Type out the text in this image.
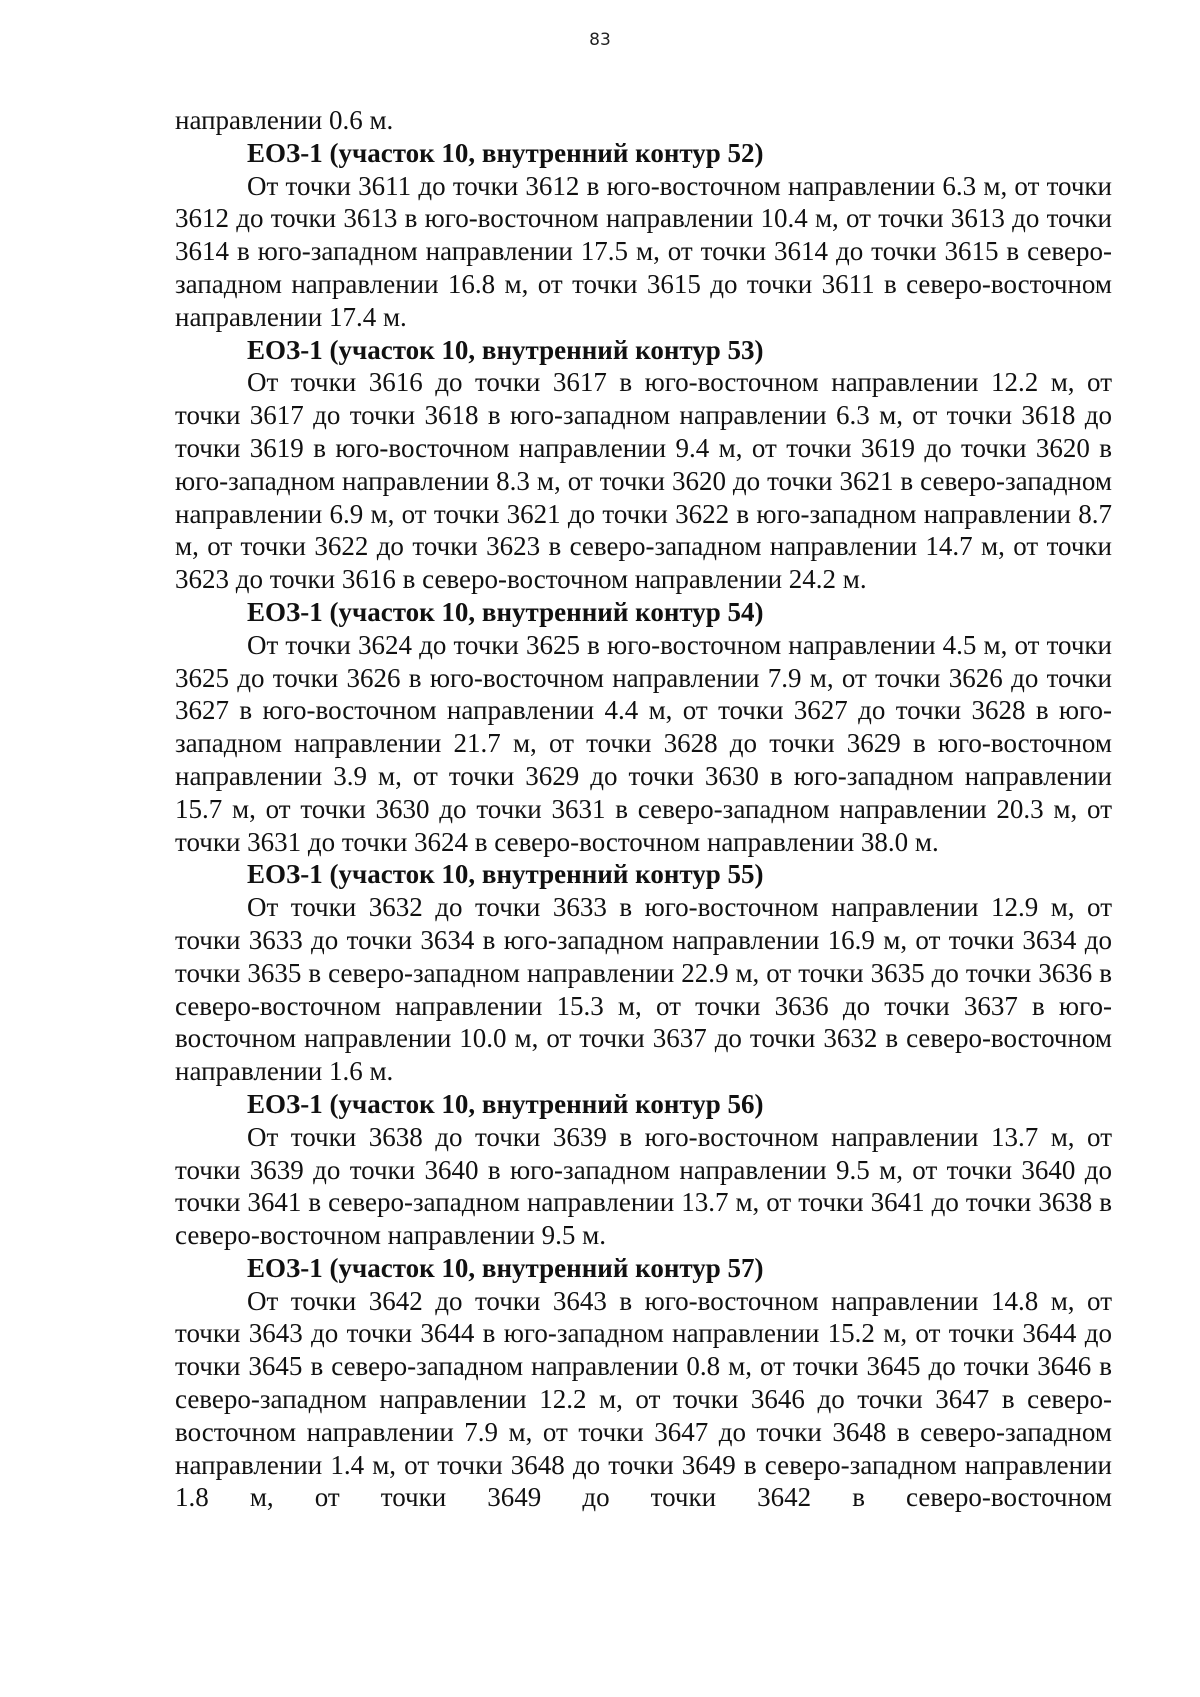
83

направлении 0.6 м.

ЕОЗ-1 (участок 10, внутренний контур 52)

От точки 3611 до точки 3612 в юго-восточном направлении 6.3 м, от точки 3612 до точки 3613 в юго-восточном направлении 10.4 м, от точки 3613 до точки 3614 в юго-западном направлении 17.5 м, от точки 3614 до точки 3615 в северо-западном направлении 16.8 м, от точки 3615 до точки 3611 в северо-восточном направлении 17.4 м.

ЕОЗ-1 (участок 10, внутренний контур 53)

От точки 3616 до точки 3617 в юго-восточном направлении 12.2 м, от точки 3617 до точки 3618 в юго-западном направлении 6.3 м, от точки 3618 до точки 3619 в юго-восточном направлении 9.4 м, от точки 3619 до точки 3620 в юго-западном направлении 8.3 м, от точки 3620 до точки 3621 в северо-западном направлении 6.9 м, от точки 3621 до точки 3622 в юго-западном направлении 8.7 м, от точки 3622 до точки 3623 в северо-западном направлении 14.7 м, от точки 3623 до точки 3616 в северо-восточном направлении 24.2 м.

ЕОЗ-1 (участок 10, внутренний контур 54)

От точки 3624 до точки 3625 в юго-восточном направлении 4.5 м, от точки 3625 до точки 3626 в юго-восточном направлении 7.9 м, от точки 3626 до точки 3627 в юго-восточном направлении 4.4 м, от точки 3627 до точки 3628 в юго-западном направлении 21.7 м, от точки 3628 до точки 3629 в юго-восточном направлении 3.9 м, от точки 3629 до точки 3630 в юго-западном направлении 15.7 м, от точки 3630 до точки 3631 в северо-западном направлении 20.3 м, от точки 3631 до точки 3624 в северо-восточном направлении 38.0 м.

ЕОЗ-1 (участок 10, внутренний контур 55)

От точки 3632 до точки 3633 в юго-восточном направлении 12.9 м, от точки 3633 до точки 3634 в юго-западном направлении 16.9 м, от точки 3634 до точки 3635 в северо-западном направлении 22.9 м, от точки 3635 до точки 3636 в северо-восточном направлении 15.3 м, от точки 3636 до точки 3637 в юго-восточном направлении 10.0 м, от точки 3637 до точки 3632 в северо-восточном направлении 1.6 м.

ЕОЗ-1 (участок 10, внутренний контур 56)

От точки 3638 до точки 3639 в юго-восточном направлении 13.7 м, от точки 3639 до точки 3640 в юго-западном направлении 9.5 м, от точки 3640 до точки 3641 в северо-западном направлении 13.7 м, от точки 3641 до точки 3638 в северо-восточном направлении 9.5 м.

ЕОЗ-1 (участок 10, внутренний контур 57)

От точки 3642 до точки 3643 в юго-восточном направлении 14.8 м, от точки 3643 до точки 3644 в юго-западном направлении 15.2 м, от точки 3644 до точки 3645 в северо-западном направлении 0.8 м, от точки 3645 до точки 3646 в северо-западном направлении 12.2 м, от точки 3646 до точки 3647 в северо-восточном направлении 7.9 м, от точки 3647 до точки 3648 в северо-западном направлении 1.4 м, от точки 3648 до точки 3649 в северо-западном направлении 1.8 м, от точки 3649 до точки 3642 в северо-восточном
